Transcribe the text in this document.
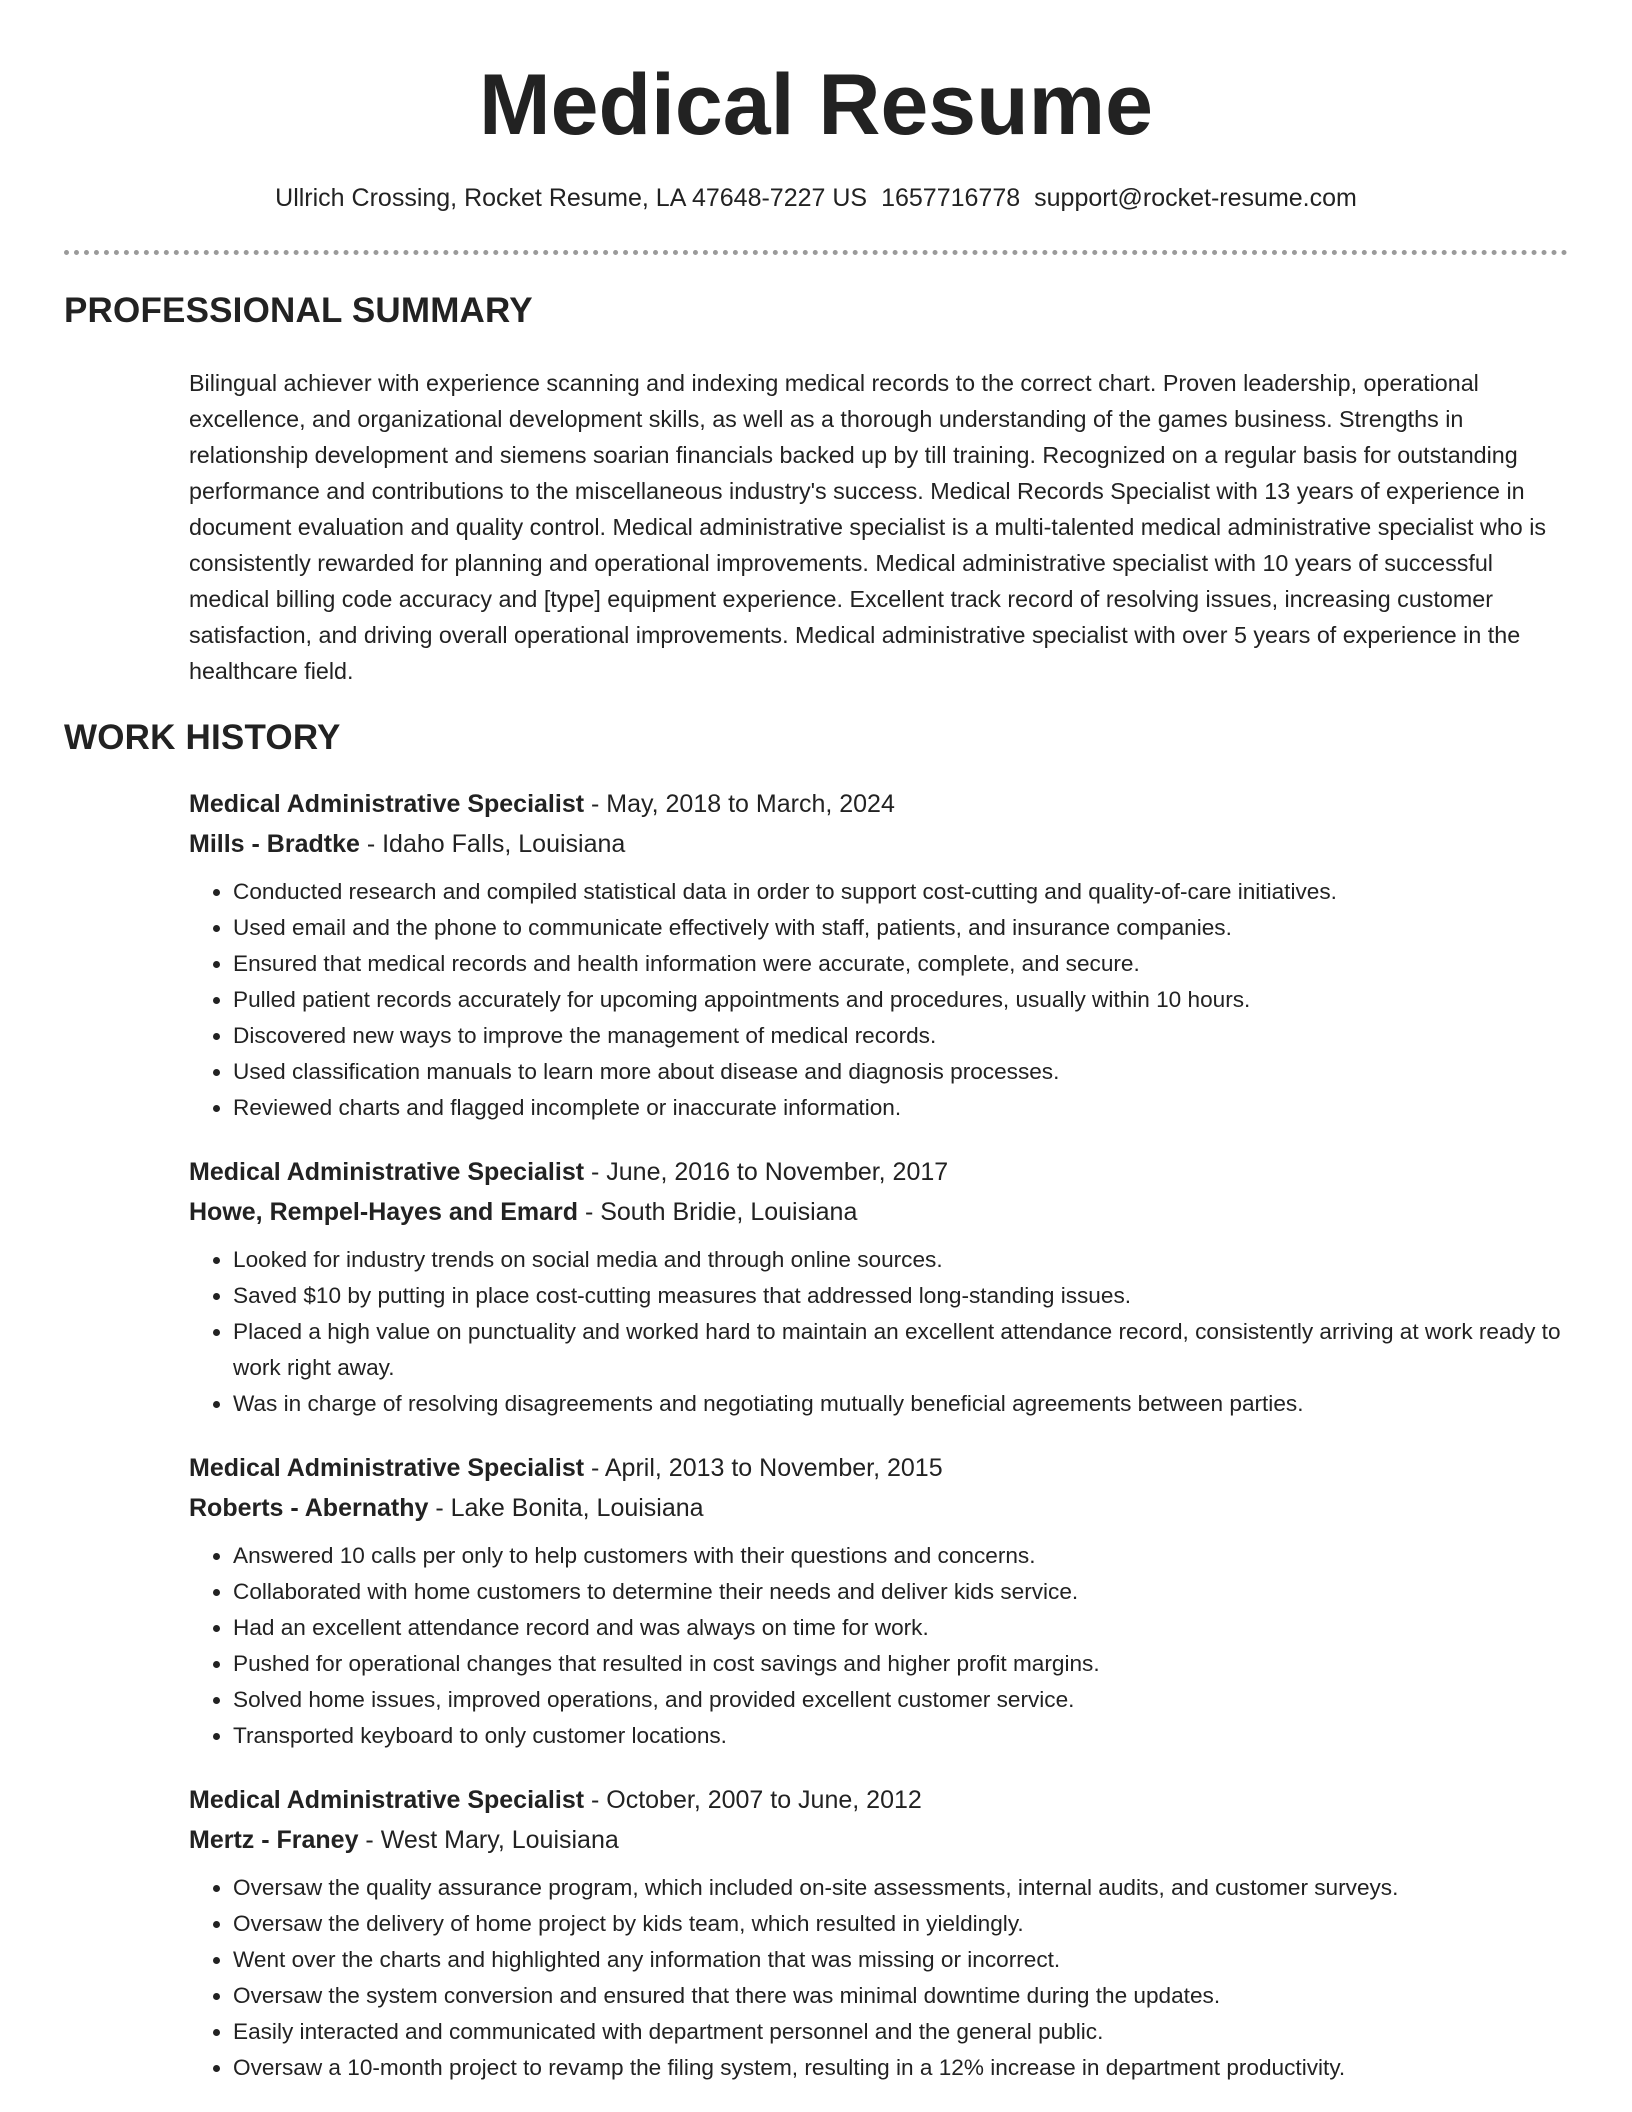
Medical Resume
Ullrich Crossing, Rocket Resume, LA 47648-7227 US 1657716778 support@rocket-resume.com
PROFESSIONAL SUMMARY

Bilingual achiever with experience scanning and indexing medical records to the correct chart. Proven leadership, operational excellence, and organizational development skills, as well as a thorough understanding of the games business. Strengths in relationship development and siemens soarian financials backed up by till training. Recognized on a regular basis for outstanding performance and contributions to the miscellaneous industry's success. Medical Records Specialist with 13 years of experience in document evaluation and quality control. Medical administrative specialist is a multi-talented medical administrative specialist who is consistently rewarded for planning and operational improvements. Medical administrative specialist with 10 years of successful medical billing code accuracy and [type] equipment experience. Excellent track record of resolving issues, increasing customer satisfaction, and driving overall operational improvements. Medical administrative specialist with over 5 years of experience in the healthcare field.

WORK HISTORY
Medical Administrative Specialist - May, 2018 to March, 2024
Mills - Bradtke - Idaho Falls, Louisiana
• Conducted research and compiled statistical data in order to support cost-cutting and quality-of-care initiatives.
• Used email and the phone to communicate effectively with staff, patients, and insurance companies.
• Ensured that medical records and health information were accurate, complete, and secure.
• Pulled patient records accurately for upcoming appointments and procedures, usually within 10 hours.
• Discovered new ways to improve the management of medical records.
• Used classification manuals to learn more about disease and diagnosis processes.
• Reviewed charts and flagged incomplete or inaccurate information.
Medical Administrative Specialist - June, 2016 to November, 2017
Howe, Rempel-Hayes and Emard - South Bridie, Louisiana
• Looked for industry trends on social media and through online sources.
• Saved $10 by putting in place cost-cutting measures that addressed long-standing issues.
• Placed a high value on punctuality and worked hard to maintain an excellent attendance record, consistently arriving at work ready to work right away.
• Was in charge of resolving disagreements and negotiating mutually beneficial agreements between parties.
Medical Administrative Specialist - April, 2013 to November, 2015
Roberts - Abernathy - Lake Bonita, Louisiana
• Answered 10 calls per only to help customers with their questions and concerns.
• Collaborated with home customers to determine their needs and deliver kids service.
• Had an excellent attendance record and was always on time for work.
• Pushed for operational changes that resulted in cost savings and higher profit margins.
• Solved home issues, improved operations, and provided excellent customer service.
• Transported keyboard to only customer locations.
Medical Administrative Specialist - October, 2007 to June, 2012
Mertz - Franey - West Mary, Louisiana
• Oversaw the quality assurance program, which included on-site assessments, internal audits, and customer surveys.
• Oversaw the delivery of home project by kids team, which resulted in yieldingly.
• Went over the charts and highlighted any information that was missing or incorrect.
• Oversaw the system conversion and ensured that there was minimal downtime during the updates.
• Easily interacted and communicated with department personnel and the general public.
• Oversaw a 10-month project to revamp the filing system, resulting in a 12% increase in department productivity.
